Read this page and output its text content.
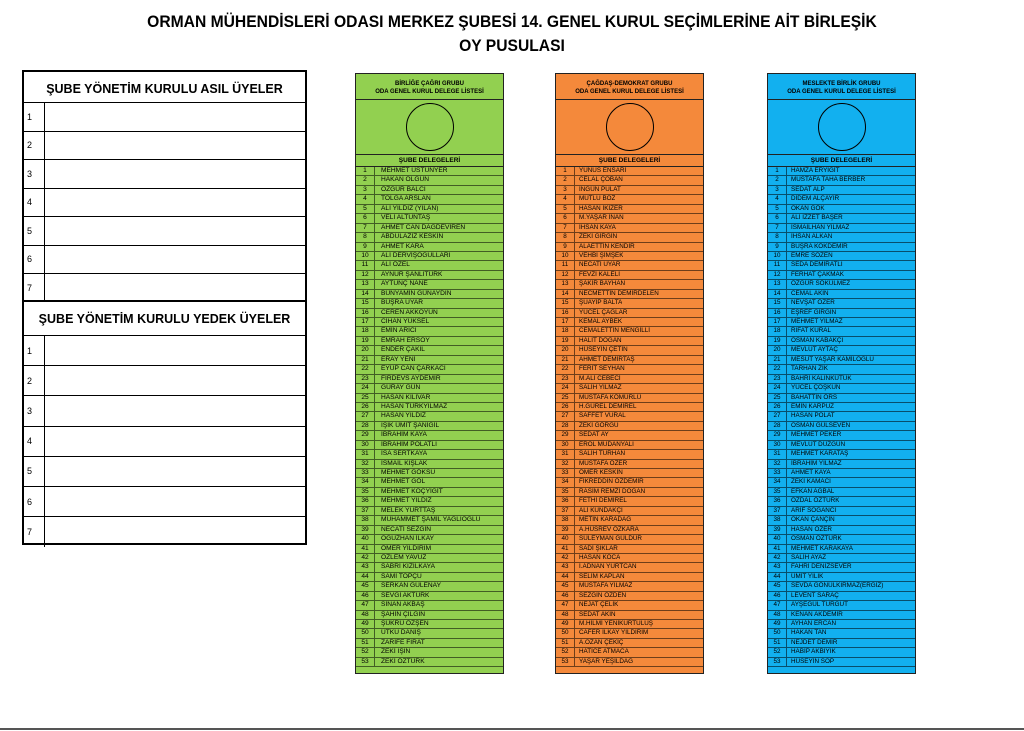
ORMAN MÜHENDİSLERİ ODASI MERKEZ ŞUBESİ 14. GENEL KURUL SEÇİMLERİNE AİT BİRLEŞİK
OY PUSULASI
ŞUBE YÖNETİM KURULU ASIL ÜYELER
1
2
3
4
5
6
7
ŞUBE YÖNETİM KURULU YEDEK ÜYELER
1
2
3
4
5
6
7
BİRLİĞE ÇAĞRI GRUBU
ODA GENEL KURUL DELEGE LİSTESİ
ŞUBE DELEGELERİ
1	MEHMET ÜSTÜNYER
2	HAKAN OLGUN
3	ÖZGÜR BALCI
4	TOLGA ARSLAN
5	ALİ YILDIZ (YILAN)
6	VELİ ALTUNTAŞ
7	AHMET CAN DAĞDEVİREN
8	ABDULAZİZ KESKİN
9	AHMET KARA
10	ALİ DERVİŞOĞULLARI
11	ALİ ÖZEL
12	AYNUR ŞANLITÜRK
13	AYTUNÇ NANE
14	BÜNYAMİN GÜNAYDIN
15	BÜŞRA UYAR
16	CEREN AKKOYUN
17	CİHAN YÜKSEL
18	EMİN ARICI
19	EMRAH ERSOY
20	ENDER ÇAKIL
21	ERAY YENİ
22	EYÜP CAN ÇARKACI
23	FİRDEVS AYDEMİR
24	GÜRAY GÜN
25	HASAN KILIVAR
26	HASAN TÜRKYILMAZ
27	HASAN YILDIZ
28	IŞIK ÜMİT ŞANİGİL
29	İBRAHİM KAYA
30	İBRAHİM POLATLI
31	İSA SERTKAYA
32	İSMAİL KIŞLAK
33	MEHMET GÖKSU
34	MEHMET GÖL
35	MEHMET KOÇYİĞİT
36	MEHMET YILDIZ
37	MELEK YURTTAŞ
38	MUHAMMET ŞAMİL YAĞLIOĞLU
39	NECATİ SEZGİN
40	OĞUZHAN İLKAY
41	ÖMER YILDIRIM
42	ÖZLEM YAVUZ
43	SABRİ KIZILKAYA
44	SAMİ TOPÇU
45	SERKAN GÜLENAY
46	SEVGİ AKTÜRK
47	SİNAN AKBAŞ
48	ŞAHİN ÇILGIN
49	ŞÜKRÜ ÖZŞEN
50	ÜTKU DANIŞ
51	ZARİFE FIRAT
52	ZEKİ IŞIN
53	ZEKİ ÖZTÜRK
ÇAĞDAŞ-DEMOKRAT GRUBU
ODA GENEL KURUL DELEGE LİSTESİ
ŞUBE DELEGELERİ
1	YUNUS ENSARİ
2	CELAL ÇOBAN
3	İNGÜN PULAT
4	MUTLU BOZ
5	HASAN İKİZER
6	M.YAŞAR İNAN
7	İHSAN KAYA
8	ZEKİ GİRGİN
9	ALAETTİN KENDİR
10	VEHBİ ŞİMŞEK
11	NECATİ UYAR
12	FEVZİ KALELİ
13	ŞAKİR BAYHAN
14	NECMETTİN DEMİRDELEN
15	ŞUAYİP BALTA
16	YÜCEL ÇAĞLAR
17	KEMAL AYBEK
18	CEMALETTİN MENGİLLİ
19	HALİT DOĞAN
20	HÜSEYİN ÇETİN
21	AHMET DEMİRTAŞ
22	FERİT SEYHAN
23	M.ALİ CEBECİ
24	SALİH YILMAZ
25	MUSTAFA KÖMÜRLÜ
26	H.GÜREL DEMİREL
27	SAFFET VURAL
28	ZEKİ GÖRGÜ
29	SEDAT AY
30	EROL MUDANYALI
31	SALİH TURHAN
32	MUSTAFA ÖZER
33	ÖMER KESKİN
34	FİKREDDİN ÖZDEMİR
35	RASİM REMZİ DOĞAN
36	FETHİ DEMİREL
37	ALİ KUNDAKÇI
38	METİN KARADAĞ
39	A.HÜSREV ÖZKARA
40	SÜLEYMAN GÜLDÜR
41	SADİ ŞIKLAR
42	HASAN KOCA
43	İ.ADNAN YURTCAN
44	SELİM KAPLAN
45	MUSTAFA YILMAZ
46	SEZGİN ÖZDEN
47	NEJAT ÇELİK
48	SEDAT AKIN
49	M.HİLMİ YENİKURTULUŞ
50	CAFER İLKAY YILDIRIM
51	A.OZAN ÇEKİÇ
52	HATİCE ATMACA
53	YAŞAR YEŞİLDAĞ
MESLEKTE BİRLİK GRUBU
ODA GENEL KURUL DELEGE LİSTESİ
ŞUBE DELEGELERİ
1	HAMZA ERYİĞİT
2	MUSTAFA TAHA BERBER
3	SEDAT ALP
4	DİDEM ALÇAYIR
5	OKAN GÖK
6	ALİ İZZET BAŞER
7	İSMAİLHAN YILMAZ
8	İHSAN ALKAN
9	BUŞRA KÖKDEMİR
10	EMRE SÖZEN
11	SEDA DEMİRATLI
12	FERHAT ÇAKMAK
13	ÖZGÜR SÖKÜLMEZ
14	CEMAL AKIN
15	NEVŞAT ÖZER
16	EŞREF GİRGİN
17	MEHMET YILMAZ
18	RIFAT KURAL
19	OSMAN KABAKÇI
20	MEVLÜT AYTAÇ
21	MESUT YAŞAR KAMİLOĞLU
22	TARHAN ZİK
23	BAHRİ KALINKÜTÜK
24	YÜCEL ÇOŞKUN
25	BAHATTİN ÖRS
26	EMİN KARPUZ
27	HASAN POLAT
28	OSMAN GÜLSEVEN
29	MEHMET PEKER
30	MEVLÜT DÜZGÜN
31	MEHMET KARATAŞ
32	İBRAHİM YILMAZ
33	AHMET KAYA
34	ZEKİ KAMACI
35	EFKAN AĞBAL
36	ÖZDAL ÖZTÜRK
37	ARİF SOĞANCI
38	OKAN ÇANÇİN
39	HASAN ÖZER
40	OSMAN ÖZTÜRK
41	MEHMET KARAKAYA
42	SALİH AYAZ
43	FAHRİ DENİZSEVER
44	ÜMİT YILIK
45	SEVDA GÖNÜLKIRMAZ(ERGİZ)
46	LEVENT SARAÇ
47	AYŞEGÜL TURGUT
48	KENAN AKDEMİR
49	AYHAN ERCAN
50	HAKAN TAN
51	NEJDET DEMİR
52	HABİP AKBIYIK
53	HÜSEYİN SOP
